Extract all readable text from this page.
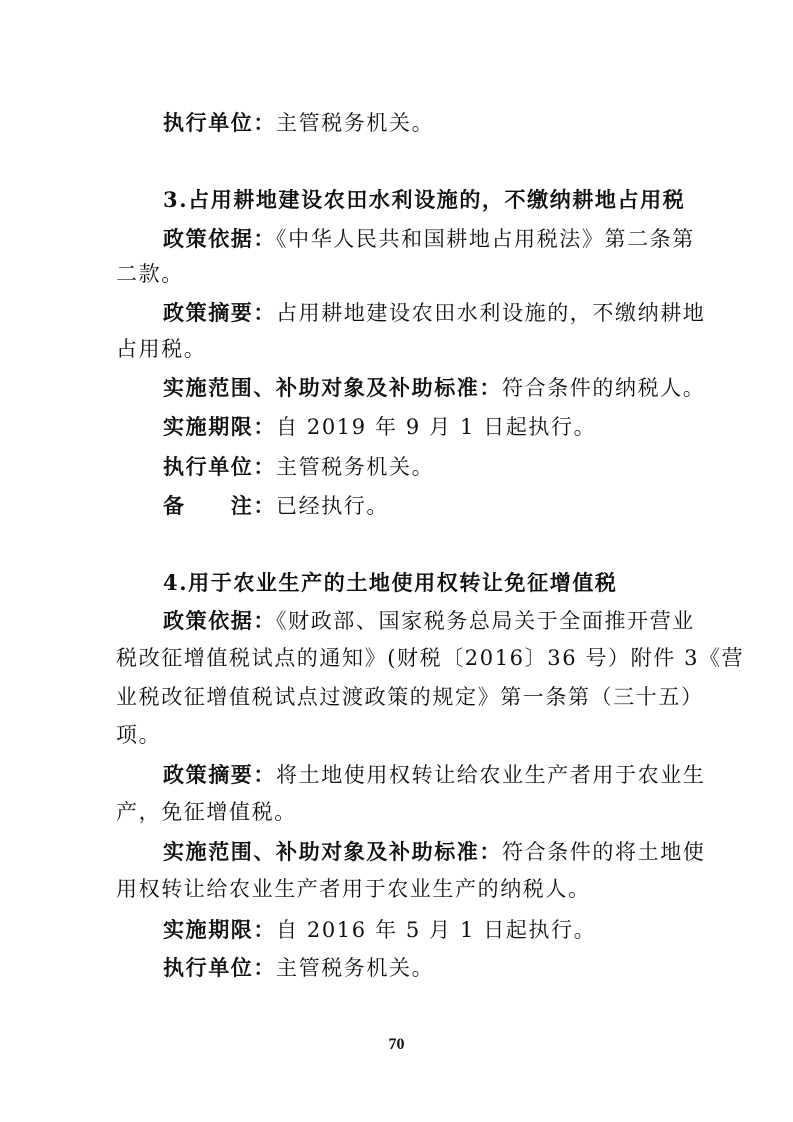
执行单位：主管税务机关。
3.占用耕地建设农田水利设施的，不缴纳耕地占用税
政策依据：《中华人民共和国耕地占用税法》第二条第
二款。
政策摘要：占用耕地建设农田水利设施的，不缴纳耕地
占用税。
实施范围、补助对象及补助标准：符合条件的纳税人。
实施期限：自 2019 年 9 月 1 日起执行。
执行单位：主管税务机关。
备　　注：已经执行。
4.用于农业生产的土地使用权转让免征增值税
政策依据：《财政部、国家税务总局关于全面推开营业
税改征增值税试点的通知》(财税〔2016〕36 号）附件 3《营
业税改征增值税试点过渡政策的规定》第一条第（三十五）
项。
政策摘要：将土地使用权转让给农业生产者用于农业生
产，免征增值税。
实施范围、补助对象及补助标准：符合条件的将土地使
用权转让给农业生产者用于农业生产的纳税人。
实施期限：自 2016 年 5 月 1 日起执行。
执行单位：主管税务机关。
70
